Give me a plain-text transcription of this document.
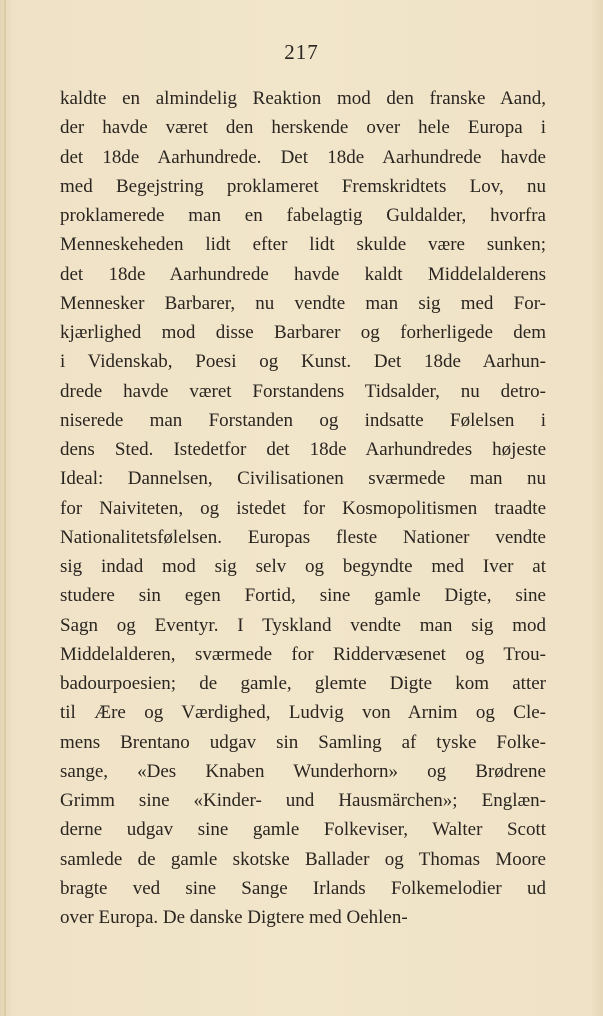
217
kaldte en almindelig Reaktion mod den franske Aand,
der havde været den herskende over hele Europa i
det 18de Aarhundrede. Det 18de Aarhundrede havde
med Begejstring proklameret Fremskridtets Lov, nu
proklamerede man en fabelagtig Guldalder, hvorfra
Menneskeheden lidt efter lidt skulde være sunken;
det 18de Aarhundrede havde kaldt Middelalderens
Mennesker Barbarer, nu vendte man sig med For-
kjærlighed mod disse Barbarer og forherligede dem
i Videnskab, Poesi og Kunst. Det 18de Aarhun-
drede havde været Forstandens Tidsalder, nu detro-
niserede man Forstanden og indsatte Følelsen i
dens Sted. Istedetfor det 18de Aarhundredes højeste
Ideal: Dannelsen, Civilisationen sværmede man nu
for Naiviteten, og istedet for Kosmopolitismen traadte
Nationalitetsfølelsen. Europas fleste Nationer vendte
sig indad mod sig selv og begyndte med Iver at
studere sin egen Fortid, sine gamle Digte, sine
Sagn og Eventyr. I Tyskland vendte man sig mod
Middelalderen, sværmede for Riddervæsenet og Trou-
badourpoesien; de gamle, glemte Digte kom atter
til Ære og Værdighed, Ludvig von Arnim og Cle-
mens Brentano udgav sin Samling af tyske Folke-
sange, «Des Knaben Wunderhorn» og Brødrene
Grimm sine «Kinder- und Hausmärchen»; Englæn-
derne udgav sine gamle Folkeviser, Walter Scott
samlede de gamle skotske Ballader og Thomas Moore
bragte ved sine Sange Irlands Folkemelodier ud
over Europa. De danske Digtere med Oehlen-
